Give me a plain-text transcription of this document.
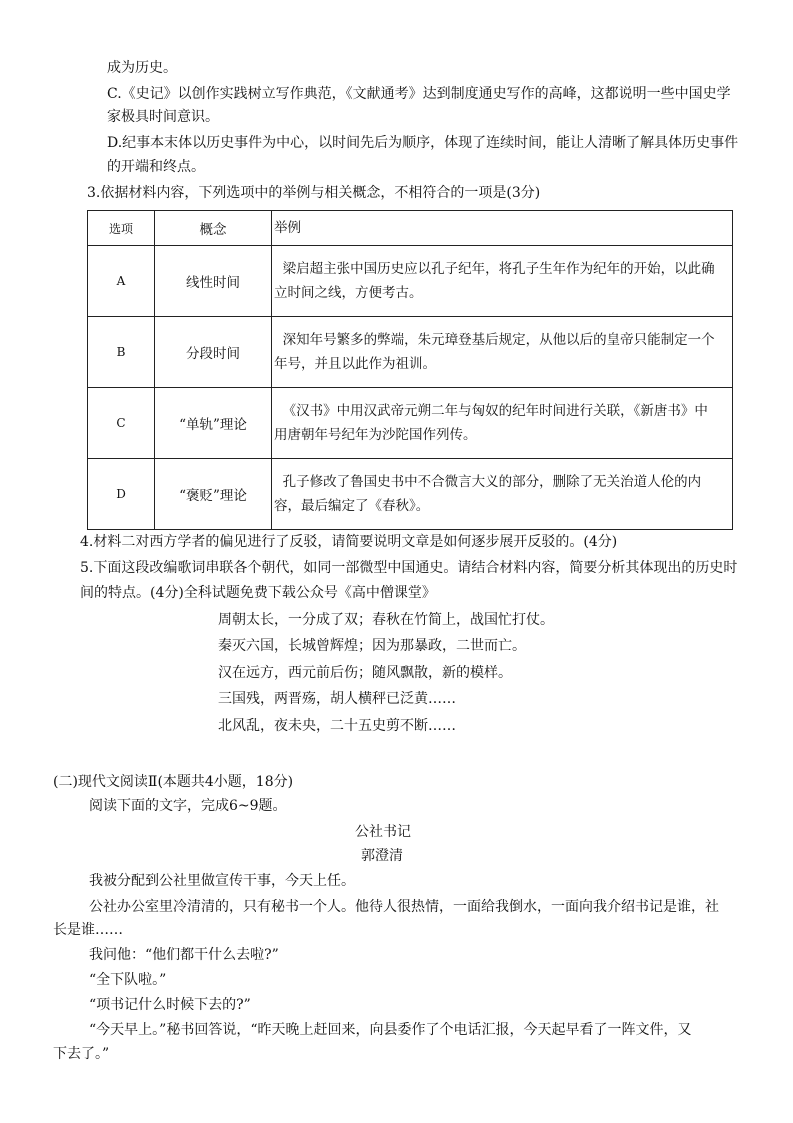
成为历史。
C.《史记》以创作实践树立写作典范，《文献通考》达到制度通史写作的高峰，这都说明一些中国史学
家极具时间意识。
D.纪事本末体以历史事件为中心，以时间先后为顺序，体现了连续时间，能让人清晰了解具体历史事件
的开端和终点。
3.依据材料内容，下列选项中的举例与相关概念，不相符合的一项是(3分)
选项	概念	举例
A	线性时间	梁启超主张中国历史应以孔子纪年，将孔子生年作为纪年的开始，以此确
立时间之线，方便考古。

B	分段时间	深知年号繁多的弊端，朱元璋登基后规定，从他以后的皇帝只能制定一个
年号，并且以此作为祖训。

C	“单轨”理论	《汉书》中用汉武帝元朔二年与匈奴的纪年时间进行关联，《新唐书》中
用唐朝年号纪年为沙陀国作列传。

D	“褒贬”理论	孔子修改了鲁国史书中不合微言大义的部分，删除了无关治道人伦的内
容，最后编定了《春秋》。
4.材料二对西方学者的偏见进行了反驳，请简要说明文章是如何逐步展开反驳的。(4分)
5.下面这段改编歌词串联各个朝代，如同一部微型中国通史。请结合材料内容，简要分析其体现出的历史时
间的特点。(4分)全科试题免费下载公众号《高中僧课堂》
周朝太长，一分成了双；春秋在竹简上，战国忙打仗。
秦灭六国，长城曾辉煌；因为那暴政，二世而亡。
汉在远方，西元前后伤；随风飘散，新的模样。
三国残，两晋殇，胡人横秤已泛黄……
北风乱，夜未央，二十五史剪不断……
(二)现代文阅读Ⅱ(本题共4小题，18分)
阅读下面的文字，完成6~9题。
公社书记
郭澄清
我被分配到公社里做宣传干事，今天上任。
公社办公室里冷清清的，只有秘书一个人。他待人很热情，一面给我倒水，一面向我介绍书记是谁，社
长是谁……
我问他：“他们都干什么去啦?”
“全下队啦。”
“项书记什么时候下去的?”
“今天早上。”秘书回答说，“昨天晚上赶回来，向县委作了个电话汇报，今天起早看了一阵文件，又
下去了。”
